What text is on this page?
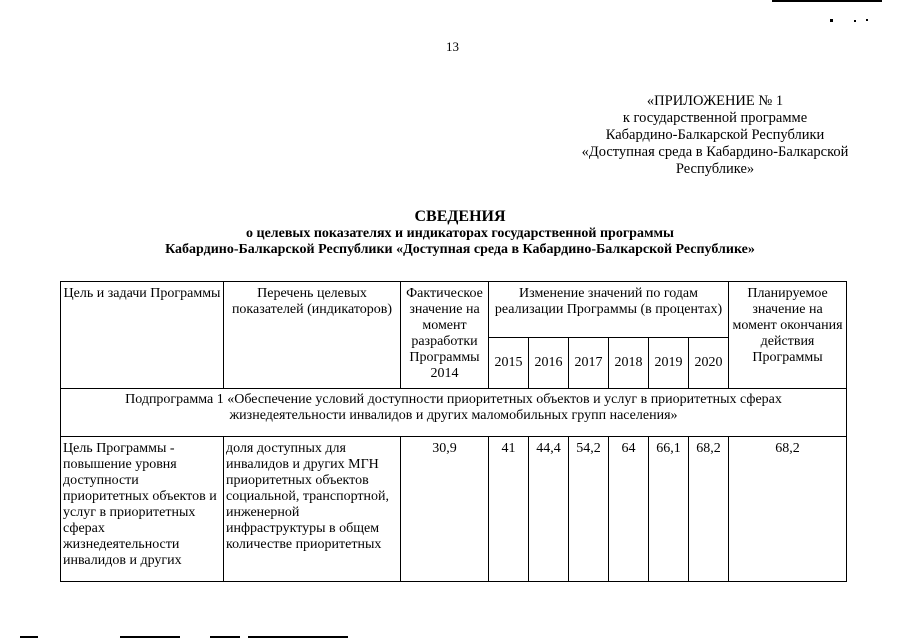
13
«ПРИЛОЖЕНИЕ № 1
к государственной программе
Кабардино-Балкарской Республики
«Доступная среда в Кабардино-Балкарской
Республике»
СВЕДЕНИЯ
о целевых показателях и индикаторах государственной программы
Кабардино-Балкарской Республики «Доступная среда в Кабардино-Балкарской Республике»
Цель и задачи Программы	Перечень целевых показателей (индикаторов)	Фактическое значение на момент разработки Программы 2014	Изменение значений по годам реализации Программы (в процентах)						Планируемое значение на момент окончания действия Программы
			2015	2016	2017	2018	2019	2020	
Подпрограмма 1 «Обеспечение условий доступности приоритетных объектов и услуг в приоритетных сферах жизнедеятельности инвалидов и других маломобильных групп населения»									

Цель Программы - повышение уровня доступности приоритетных объектов и услуг в приоритетных сферах жизнедеятельности инвалидов и других	доля доступных для инвалидов и других МГН приоритетных объектов социальной, транспортной, инженерной инфраструктуры в общем количестве приоритетных	30,9	41	44,4	54,2	64	66,1	68,2	68,2
